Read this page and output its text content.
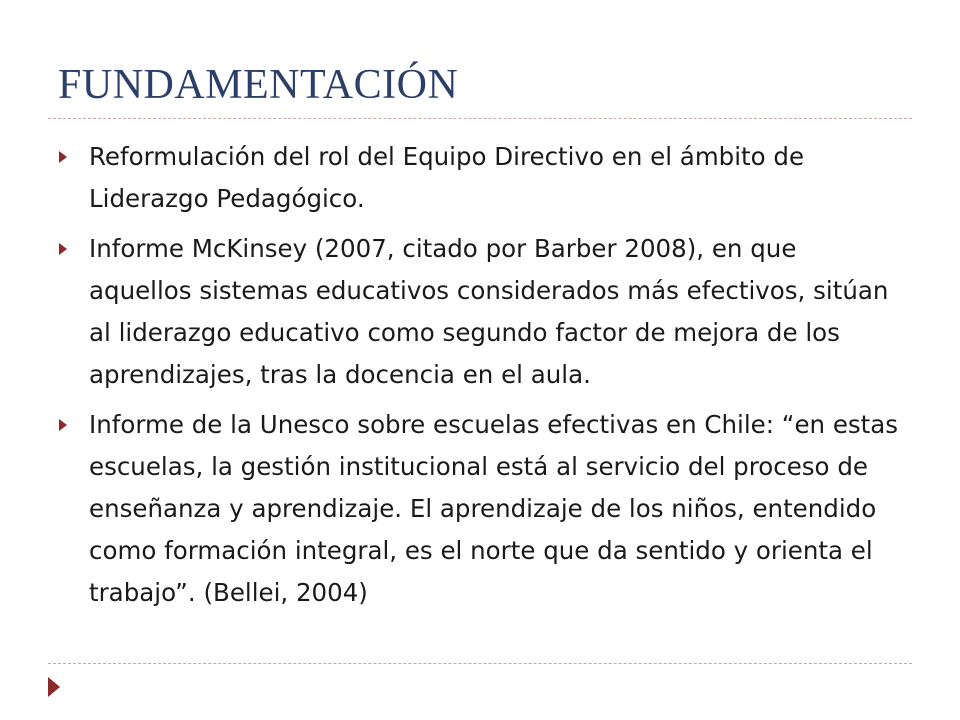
FUNDAMENTACIÓN
Reformulación del rol del Equipo Directivo en el ámbito de Liderazgo Pedagógico.
Informe McKinsey (2007, citado por Barber 2008), en que aquellos sistemas educativos considerados más efectivos, sitúan al liderazgo educativo como segundo factor de mejora de los aprendizajes, tras la docencia en el aula.
Informe de la Unesco sobre escuelas efectivas en Chile: “en estas escuelas, la gestión institucional está al servicio del proceso de enseñanza y aprendizaje. El aprendizaje de los niños, entendido como formación integral, es el norte que da sentido y orienta el trabajo”. (Bellei, 2004)
